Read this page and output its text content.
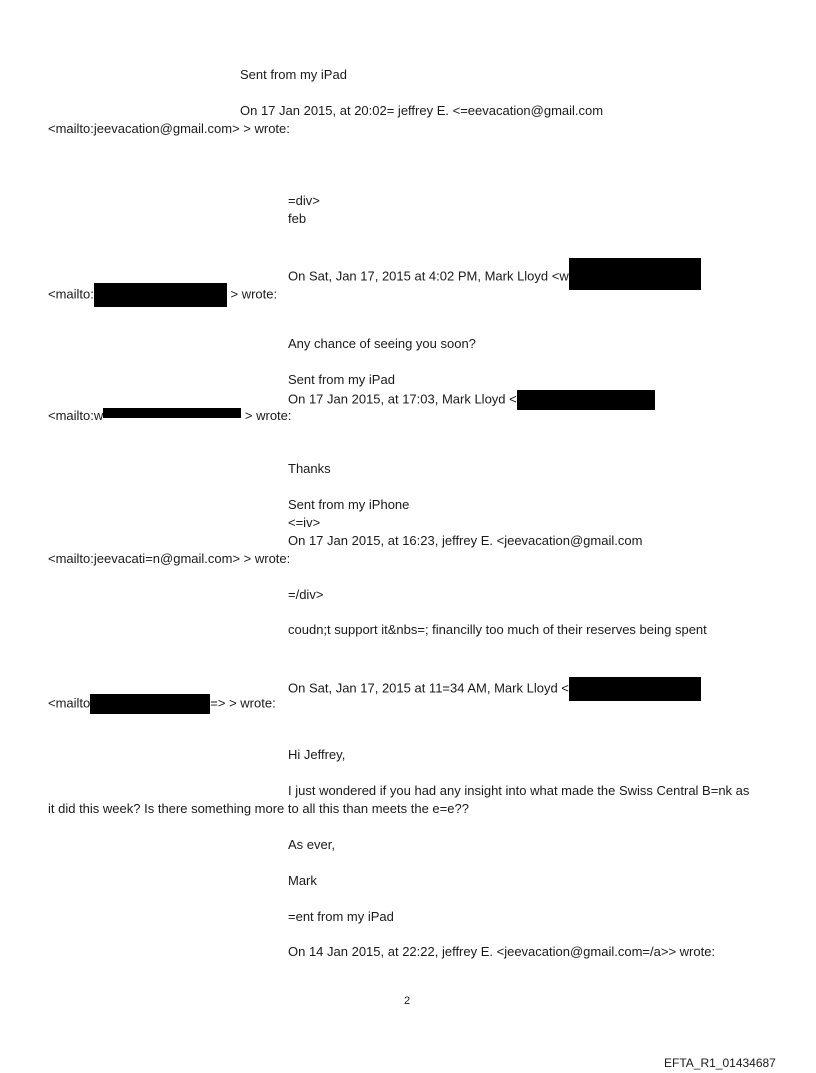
Sent from my iPad
On 17 Jan 2015, at 20:02= jeffrey E. <=eevacation@gmail.com
<mailto:jeevacation@gmail.com> > wrote:
=div>
feb
On Sat, Jan 17, 2015 at 4:02 PM, Mark Lloyd <w
<mailto:	> wrote:
Any chance of seeing you soon?
Sent from my iPad
On 17 Jan 2015, at 17:03, Mark Lloyd <
<mailto:w	> wrote:
Thanks
Sent from my iPhone
<=iv>
On 17 Jan 2015, at 16:23, jeffrey E. <jeevacation@gmail.com
<mailto:jeevacati=n@gmail.com> > wrote:
=/div>
coudn;t support it&nbs=; financilly too much of their reserves being spent
On Sat, Jan 17, 2015 at 11=34 AM, Mark Lloyd <
<mailto	=> > wrote:
Hi Jeffrey,
I just wondered if you had any insight into what made the Swiss Central B=nk as
it did this week? Is there something more to all this than meets the e=e??
As ever,
Mark
=ent from my iPad
On 14 Jan 2015, at 22:22, jeffrey E. <jeevacation@gmail.com=/a>> wrote:
2
EFTA_R1_01434687
